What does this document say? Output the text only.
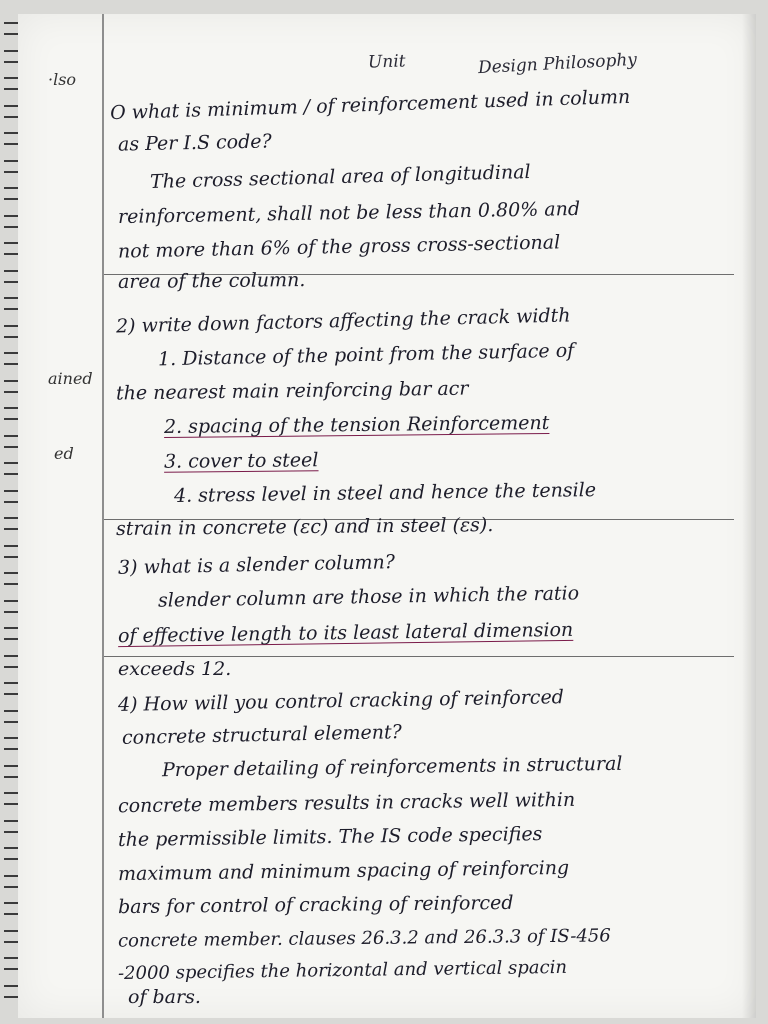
·lso
ained
ed
Unit	Design Philosophy
O what is minimum / of reinforcement used in column
as Per I.S code?
The cross sectional area of longitudinal
reinforcement, shall not be less than 0.80% and
not more than 6% of the gross cross-sectional
area of the column.
2) write down factors affecting the crack width
1. Distance of the point from the surface of
the nearest main reinforcing bar acr
2. spacing of the tension Reinforcement
3. cover to steel
4. stress level in steel and hence the tensile
strain in concrete (εc) and in steel (εs).
3) what is a slender column?
slender column are those in which the ratio
of effective length to its least lateral dimension
exceeds 12.
4) How will you control cracking of reinforced
concrete structural element?
Proper detailing of reinforcements in structural
concrete members results in cracks well within
the permissible limits. The IS code specifies
maximum and minimum spacing of reinforcing
bars for control of cracking of reinforced
concrete member. clauses 26.3.2 and 26.3.3 of IS-456
-2000 specifies the horizontal and vertical spacin
of bars.
